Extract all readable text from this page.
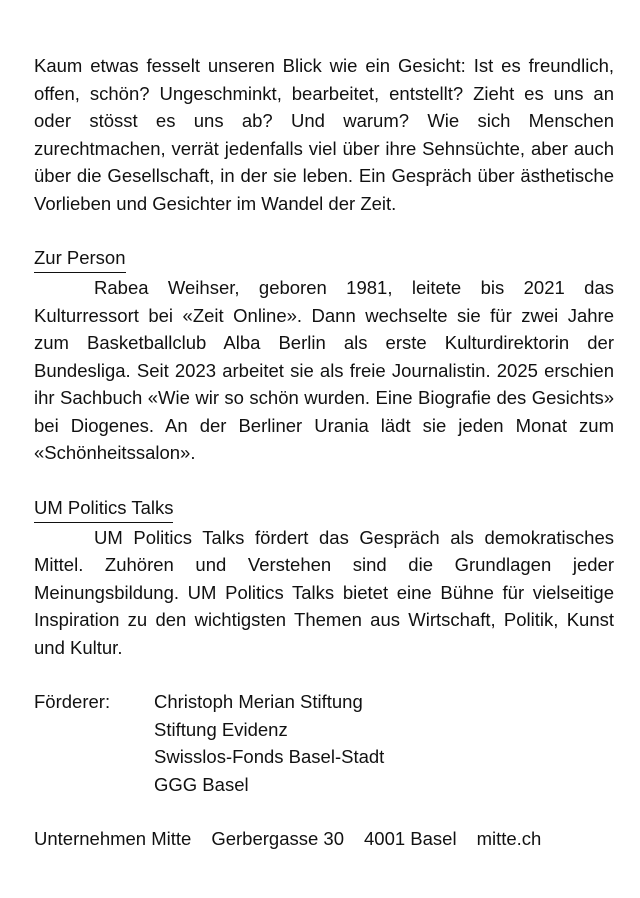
Kaum etwas fesselt unseren Blick wie ein Gesicht: Ist es freundlich, offen, schön? Ungeschminkt, bearbeitet, entstellt? Zieht es uns an oder stösst es uns ab? Und warum? Wie sich Menschen zurechtmachen, verrät jedenfalls viel über ihre Sehnsüchte, aber auch über die Gesellschaft, in der sie leben. Ein Gespräch über ästhetische Vorlieben und Gesichter im Wandel der Zeit.

Zur Person

Rabea Weihser, geboren 1981, leitete bis 2021 das Kulturressort bei «Zeit Online». Dann wechselte sie für zwei Jahre zum Basketballclub Alba Berlin als erste Kulturdirektorin der Bundesliga. Seit 2023 arbeitet sie als freie Journalistin. 2025 erschien ihr Sachbuch «Wie wir so schön wurden. Eine Biografie des Gesichts» bei Diogenes. An der Berliner Urania lädt sie jeden Monat zum «Schönheitssalon».

UM Politics Talks

UM Politics Talks fördert das Gespräch als demokratisches Mittel. Zuhören und Verstehen sind die Grundlagen jeder Meinungsbildung. UM Politics Talks bietet eine Bühne für vielseitige Inspiration zu den wichtigsten Themen aus Wirtschaft, Politik, Kunst und Kultur.

Förderer:	Christoph Merian Stiftung
Stiftung Evidenz
Swisslos-Fonds Basel-Stadt
GGG Basel
Unternehmen Mitte Gerbergasse 30 4001 Basel mitte.ch
